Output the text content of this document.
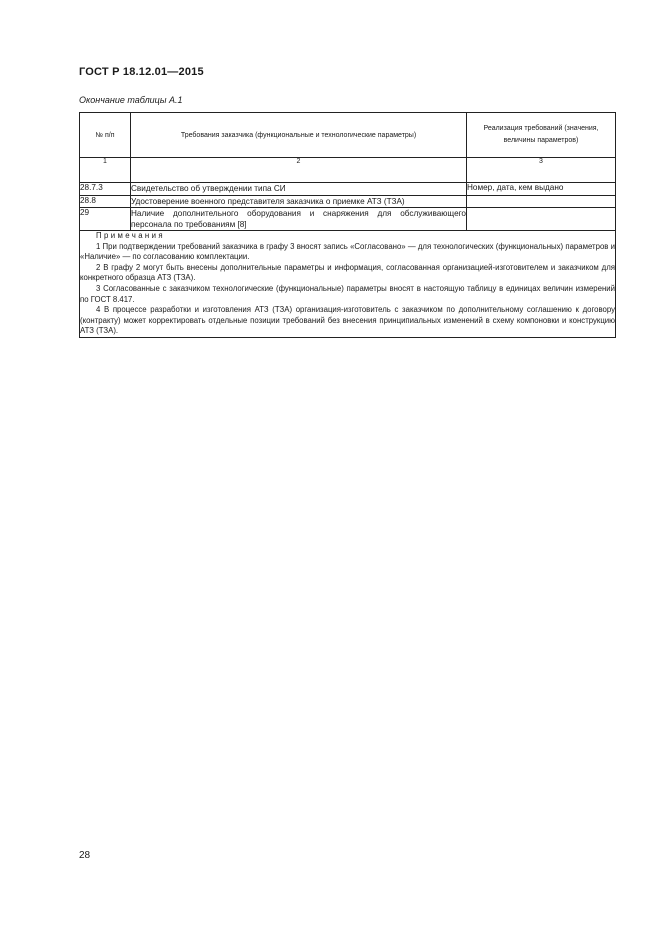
ГОСТ Р 18.12.01—2015
Окончание таблицы А.1
№ п/п	Требования заказчика (функциональные и технологические параметры)	Реализация требований (значения, величины параметров)
1	2	3
28.7.3	Свидетельство об утверждении типа СИ	Номер, дата, кем выдано
28.8	Удостоверение военного представителя заказчика о приемке АТЗ (ТЗА)	
29	Наличие дополнительного оборудования и снаряжения для обслуживающего персонала по требованиям [8]	

Примечания

1 При подтверждении требований заказчика в графу 3 вносят запись «Согласовано» — для технологических (функциональных) параметров и «Наличие» — по согласованию комплектации.

2 В графу 2 могут быть внесены дополнительные параметры и информация, согласованная организацией-изготовителем и заказчиком для конкретного образца АТЗ (ТЗА).

3 Согласованные с заказчиком технологические (функциональные) параметры вносят в настоящую таблицу в единицах величин измерений по ГОСТ 8.417.

4 В процессе разработки и изготовления АТЗ (ТЗА) организация-изготовитель с заказчиком по дополнительному соглашению к договору (контракту) может корректировать отдельные позиции требований без внесения принципиальных изменений в схему компоновки и конструкцию АТЗ (ТЗА).		

28
